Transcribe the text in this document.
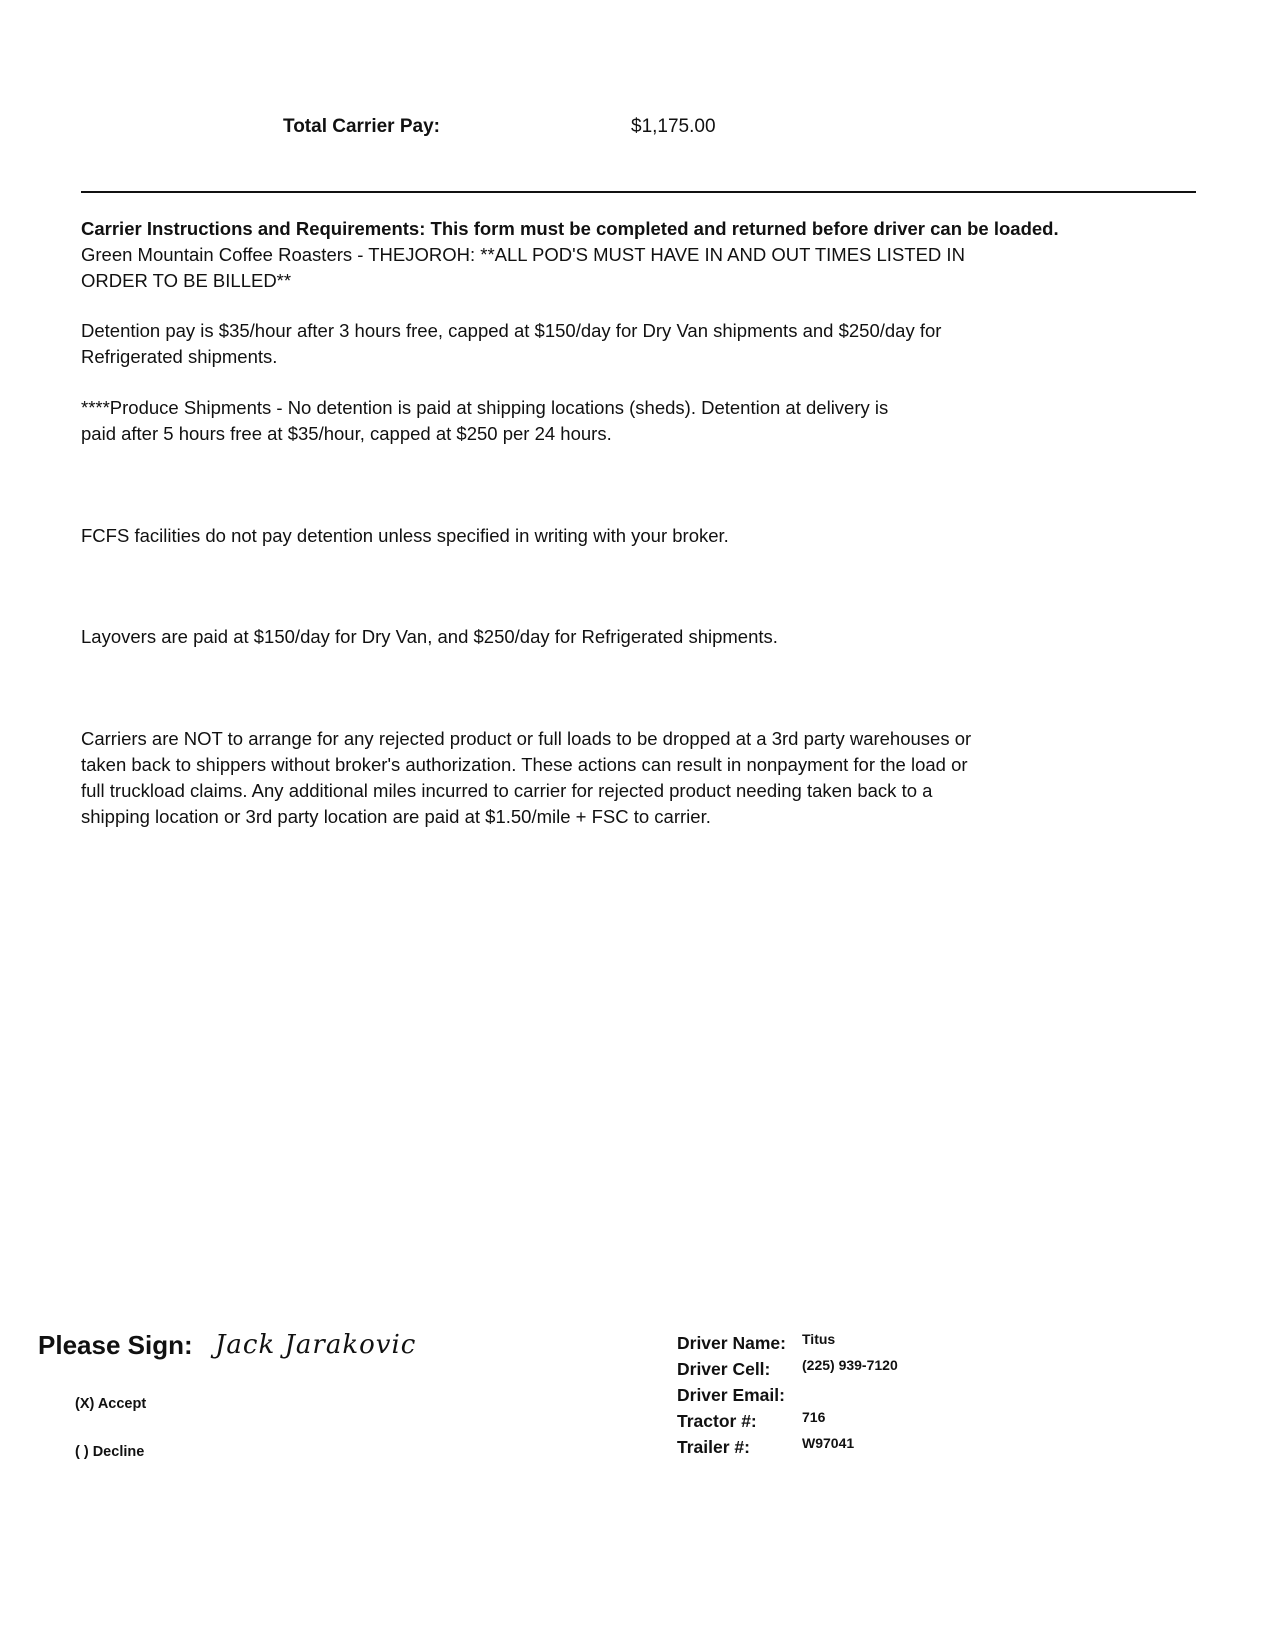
Total Carrier Pay:	$1,175.00
Carrier Instructions and Requirements: This form must be completed and returned before driver can be loaded.
Green Mountain Coffee Roasters - THEJOROH: **ALL POD'S MUST HAVE IN AND OUT TIMES LISTED IN
ORDER TO BE BILLED**
Detention pay is $35/hour after 3 hours free, capped at $150/day for Dry Van shipments and $250/day for
Refrigerated shipments.
****Produce Shipments - No detention is paid at shipping locations (sheds). Detention at delivery is
paid after 5 hours free at $35/hour, capped at $250 per 24 hours.
FCFS facilities do not pay detention unless specified in writing with your broker.
Layovers are paid at $150/day for Dry Van, and $250/day for Refrigerated shipments.
Carriers are NOT to arrange for any rejected product or full loads to be dropped at a 3rd party warehouses or
taken back to shippers without broker's authorization. These actions can result in nonpayment for the load or
full truckload claims. Any additional miles incurred to carrier for rejected product needing taken back to a
shipping location or 3rd party location are paid at $1.50/mile + FSC to carrier.
Please Sign: Jack Jarakovic
(X) Accept
( ) Decline
Driver Name: Titus
Driver Cell: (225) 939-7120
Driver Email:
Tractor #:	716
Trailer #:	W97041
